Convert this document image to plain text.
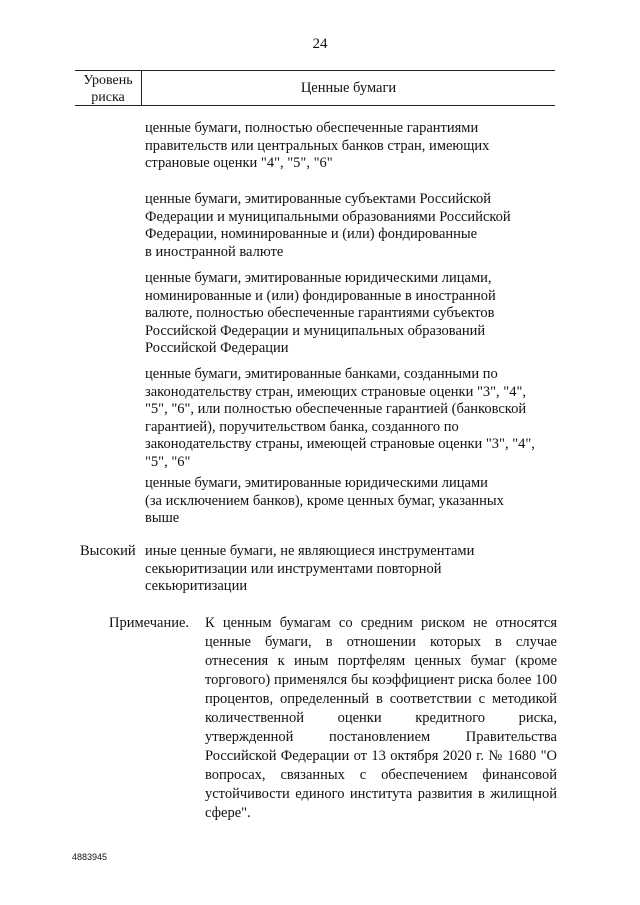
24
Уровень
риска
Ценные бумаги
ценные бумаги, полностью обеспеченные гарантиями
правительств или центральных банков стран, имеющих
страновые оценки "4", "5", "6"
ценные бумаги, эмитированные субъектами Российской
Федерации и муниципальными образованиями Российской
Федерации, номинированные и (или) фондированные
в иностранной валюте
ценные бумаги, эмитированные юридическими лицами,
номинированные и (или) фондированные в иностранной
валюте, полностью обеспеченные гарантиями субъектов
Российской Федерации и муниципальных образований
Российской Федерации
ценные бумаги, эмитированные банками, созданными по
законодательству стран, имеющих страновые оценки "3", "4",
"5", "6", или полностью обеспеченные гарантией (банковской
гарантией), поручительством банка, созданного по
законодательству страны, имеющей страновые оценки "3", "4",
"5", "6"
ценные бумаги, эмитированные юридическими лицами
(за исключением банков), кроме ценных бумаг, указанных
выше
Высокий иные ценные бумаги, не являющиеся инструментами
секьюритизации или инструментами повторной
секьюритизации
Примечание. К ценным бумагам со средним риском не относятся ценные бумаги, в отношении которых в случае отнесения к иным портфелям ценных бумаг (кроме торгового) применялся бы коэффициент риска более 100 процентов, определенный в соответствии с методикой количественной оценки кредитного риска, утвержденной постановлением Правительства Российской Федерации от 13 октября 2020 г. № 1680 "О вопросах, связанных с обеспечением финансовой устойчивости единого института развития в жилищной сфере".
4883945
